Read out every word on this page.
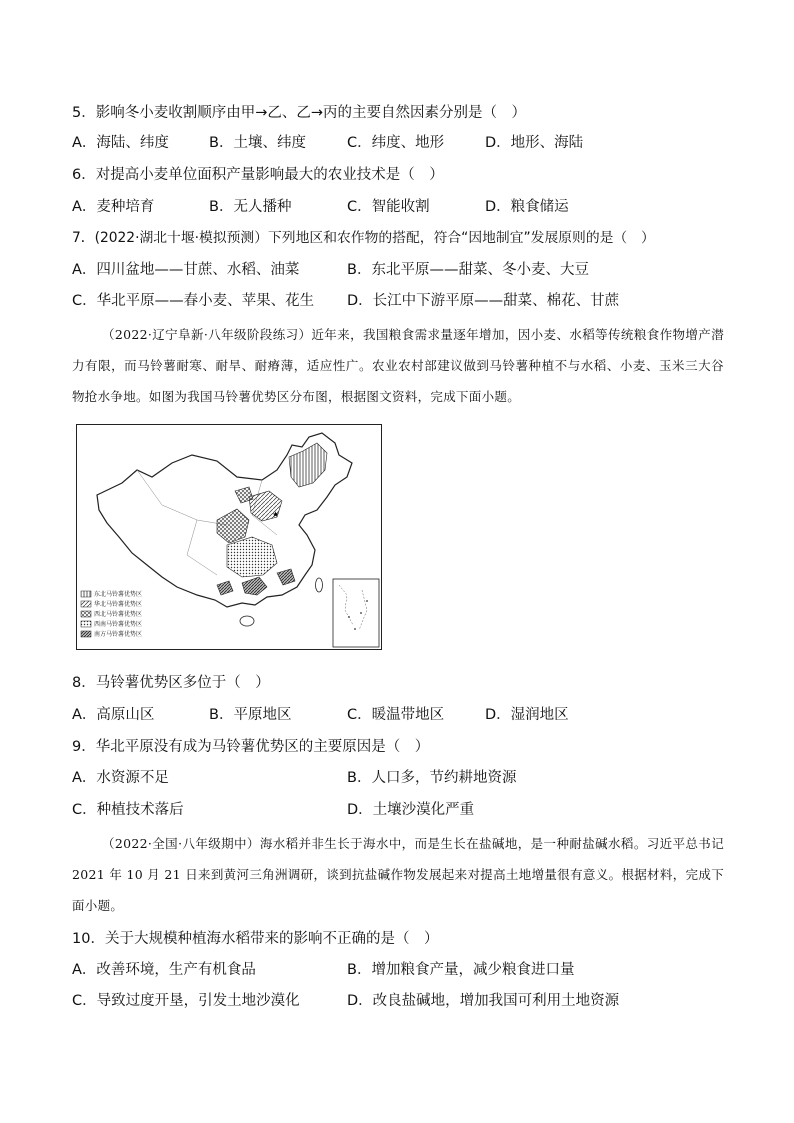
5．影响冬小麦收割顺序由甲→乙、乙→丙的主要自然因素分别是（　）
A．海陆、纬度	B．土壤、纬度	C．纬度、地形	D．地形、海陆
6．对提高小麦单位面积产量影响最大的农业技术是（　）
A．麦种培育	B．无人播种	C．智能收割	D．粮食储运
7．(2022·湖北十堰·模拟预测）下列地区和农作物的搭配，符合“因地制宜”发展原则的是（　）
A．四川盆地——甘蔗、水稻、油菜	B．东北平原——甜菜、冬小麦、大豆
C．华北平原——春小麦、苹果、花生 D．长江中下游平原——甜菜、棉花、甘蔗
（2022·辽宁阜新·八年级阶段练习）近年来，我国粮食需求量逐年增加，因小麦、水稻等传统粮食作物增产潜力有限，而马铃薯耐寒、耐旱、耐瘠薄，适应性广。农业农村部建议做到马铃薯种植不与水稻、小麦、玉米三大谷物抢水争地。如图为我国马铃薯优势区分布图，根据图文资料，完成下面小题。
★
东北马铃薯优势区
华北马铃薯优势区
西北马铃薯优势区
西南马铃薯优势区
南方马铃薯优势区
8．马铃薯优势区多位于（　）
A．高原山区	B．平原地区	C．暖温带地区	D．湿润地区
9．华北平原没有成为马铃薯优势区的主要原因是（　）
A．水资源不足	B．人口多，节约耕地资源
C．种植技术落后	D．土壤沙漠化严重
（2022·全国·八年级期中）海水稻并非生长于海水中，而是生长在盐碱地，是一种耐盐碱水稻。习近平总书记 2021 年 10 月 21 日来到黄河三角洲调研，谈到抗盐碱作物发展起来对提高土地增量很有意义。根据材料，完成下面小题。
10．关于大规模种植海水稻带来的影响不正确的是（　）
A．改善环境，生产有机食品	B．增加粮食产量，减少粮食进口量
C．导致过度开垦，引发土地沙漠化	D．改良盐碱地，增加我国可利用土地资源
